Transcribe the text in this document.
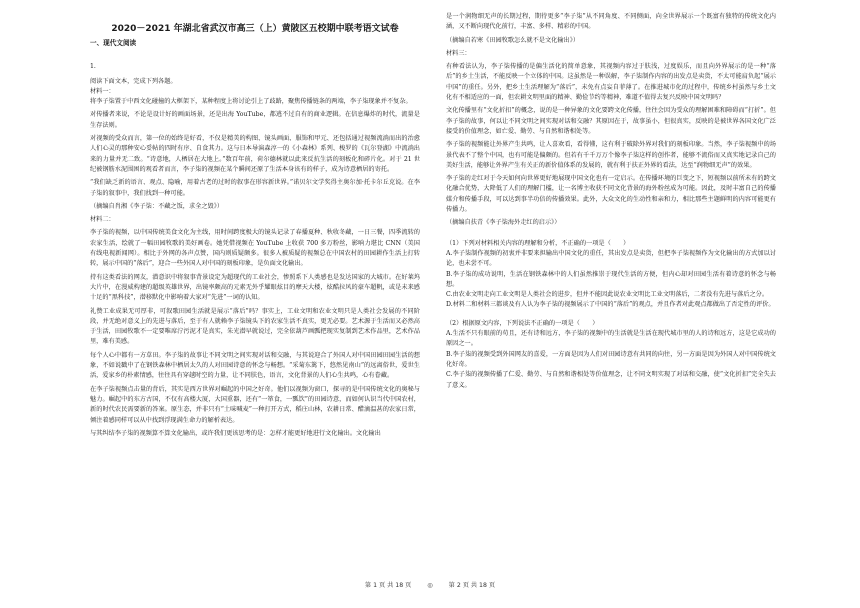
2020－2021 年湖北省武汉市高三（上）黄陂区五校期中联考语文试卷
一、现代文阅读

1.

阅读下面文本，完成下列各题。

材料一：

将李子柒置于中西文化碰撞的大框架下，某种程度上将讨论引上了歧路，聚焦传播链条的两端，李子柒现象并不复杂。

对传播者来说，不论是设计好的画面场景，还是出海 YouTube，都逃不过自有的商业逻辑。在信息爆炸的时代，流量是生存法则。

对视频的受众而言，第一位的始终是好看，不仅是精美的构图、镜头画面、服饰和甲元、还包括通过视频流淌而出的治愈人们心灵的那种安心妥帖的四时有序、自食其力。这与日本导演森淳一的《小森林》系列、梭罗的《瓦尔登湖》中流淌出来的力量并无二致。“诗意地，人栖居在大地上。”数百年前，荷尔德林就以此来反抗生活的刻板化和碎片化。对于 21 世纪被钢筋水泥围困的观看者而言，李子柒的视频在某个瞬间还原了生活本身该有的样子，成为诗意栖居的寄托。

“我们缺乏新的语言、观点、隐喻，用着古老的过时的叙事在形容新世界。”诺贝尔文学奖得主奥尔加·托卡尔丘克说。在李子柒的叙事中，我们找到一种可能。

（摘编自肖湘《李子柒：不藏之饭，求全之毁》）

材料二：

李子柒的视频，以中国传统美食文化为主线，用时间跨度极大的镜头记录了春播夏种、秋收冬藏，一日三餐，四季流转的农家生活，绘就了一幅田园牧歌的美好画卷。她凭借视频在 YouTube 上收获 700 多万粉丝，影响力堪比 CNN（美国有线电视新闻网）。相比于外网的各声点赞，国内则质疑颇多。很多人被质疑的视频总在中国农村的田园耕作生活上打转转，展示中国的“落后”，迎合一些外国人对中国的刻板印象，是负面文化输出。

持有这类看法的网友，潜意识中将叙事背景设定为超现代的工业社会，惨照系下人类感也是发达国家的大城市。在好莱坞大片中，在漫威构建的超级英雄世界，出镜率颇高的元素无外乎耀眼炫目的摩天大楼，炫酷拉风的豪车超帆，或是未来感十足的“黑科技”，潜移默化中影响着大家对“先进”一词的认知。

礼赞工业成果无可厚非，可叙歌田园生活就是展示“落后”吗？事实上，工业文明和农业文明只是人类社会发展的不同阶段，并无绝对意义上的先进与落后，至于有人就赖李子柒镜头下的农家生活不真实，更无必要。艺术源于生活而又必然高于生活，田园牧歌不一定要唯席泞污泥才是真实，朱光潜早就说过，完全依葫芦画瓢把现实复制到艺术作品里，艺术作品里，难有美感。

每个人心中都有一方草田。李子柒的故事让不同文明之间实现对话和交融，与其说迎合了外国人对中国田园田园生活的想象，不如说戳中了在钢铁森林中栖居太久的人对田园诗意的怀念与畅想。“采菊东篱下，悠然见南山”的远离俗世，爱世生活，爱家乡的朴素情感，往往具有穿越时空的力量，让不同肤色，语言，文化背景的人们心生共鸣，心有眷藏。

在李子柒视频点击量的背后，其实是西方世界对崛起的中国之好奇。他们以视频为窗口，探寻的是中国传统文化的奥秘与魅力。崛起中的东方古国，不仅有高楼大厦，大国重器，还有“一箪食，一瓢饮”的田园诗意，而如何认识当代中国农村，新的时代农民需要新的答案。原生态，并非只有“土味喊麦”一种打开方式，稻庄山林，农耕日常、醋滴温甚的农家日常，倾注着感同样可以从中找到浮现满生命力的解析表达。

与其纠结李子柒的视频算不算文化输出，或许我们更该思考的是：怎样才能更好地进行文化输出。文化输出

是一个润物细无声的长期过程，期待更多“李子柒”从不同角度、不同侧面，向全世界展示一个既富有独特的传统文化内涵，又不断向现代化前行，丰富、多样、精彩的中国。

（摘编自若寒《田园牧歌怎么就不是文化输出》）

材料三：

有种看法认为，李子柒传播的是偏生活化的简单意象，其视频内容过于肤浅，过度娱乐，而且向外界展示的是一种“落后”的乡土生活，不能反映一个立体的中国。这虽然是一种误解，李子柒制作内容的出发点是卖货，不太可能肩负起“展示中国”的重任。另外，把乡土生活理解为“落后”，未免有点妄自菲薄了。在推进城市化的过程中，传统乡村虽然与乡土文化有不相适应的一面，但农耕文明里面的精神、勤俭节约等精神，难道不值得去复兴反映中国文明吗？

文化传播里有“文化折扣”的概念，说的是一种异象的文化要跨文化传播，往往会因为受众的理解困难和障碍而“打折”。但李子柒的故事，何以让不同文明之间实现对话和交融？其原因在于，故事虽小，但很真实，反映的是被世界各国文化广泛接受的价值理念，如亡爱、勤劳、与自然和谐相处等。

李子柒的视频能让外界产生共鸣，让人喜欢看，看得懂，这有利于破除外界对我们的刻板印象。当然，李子柒视频中的场景代表不了整个中国，也有可能是偏颇的。但若有千千万万个像李子柒这样的创作者，能够不流俗而又真实地记录自己的美好生活，能够让外界产生有关正的新价值体系的发展的，就有利于扶正外界的看法，达至“润物细无声”的效果。

李子柒的走红对于今天如何向世界更好地展现中国文化也有一定启示。在传播环境的巨变之下，短视频以前所未有的跨文化融合优势，大降低了人们的理解门槛，让一名博主收获不同文化背景的海外粉丝成为可能。因此，及时丰富自己的传播媒介和传播手段，可以达到事半功倍的传播效果。此外，大众文化的生动性和亲和力，相比那些主题鲜明的内容可能更有传播力。

（摘编自扶青《李子柒海外走红的启示》）

（1）下列对材料相关内容的理解和分析，不正确的一项是（　　）

A.李子柒制作视频的初衷并非要来担输出中国文化的重任，其出发点是卖货，但把李子柒视频作为文化输出的方式加以讨论，也未尝不可。

B.李子柒的成功说明，生活在钢铁森林中的人们虽然推崇于现代生活的方便，但内心却对田园生活有着诗意的怀念与畅想。

C.由农业文明走向工业文明是人类社会的进步，但并不能因此说农业文明比工业文明落后，二者没有先进与落后之分。

D.材料二和材料三都谈及有人认为李子柒的视频展示了中国的“落后”的观点，并且作者对此观点都做出了否定性的评价。

（2）根据原文内容，下列说法不正确的一项是（　　）

A.生活不只有眼前的苟且，还有诗和远方，李子柒的视频中的生活就是生活在现代城市里的人的诗和远方，这是它成功的原因之一。

B.李子柒的视频受到外国网友的喜爱，一方面是因为人们对田园诗意有共同的向往，另一方面是因为外国人对中国传统文化好奇。

C.李子柒的视频传播了仁爱、勤劳、与自然和谐相处等价值理念，让不同文明实现了对话和交融，使“文化折扣”完全失去了意义。

第 1 页 共 18 页	◎	第 2 页 共 18 页
